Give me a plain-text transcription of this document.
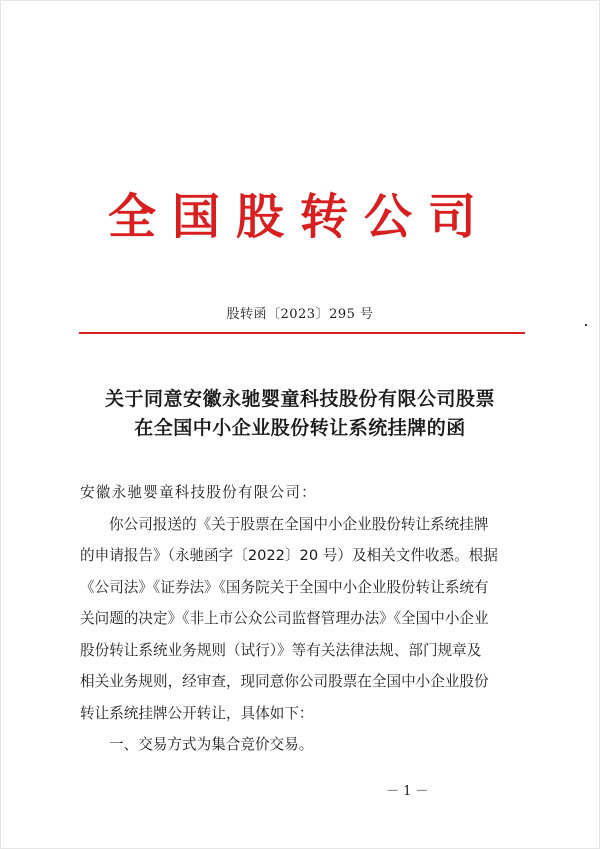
全国股转公司
股转函〔2023〕295 号
关于同意安徽永驰婴童科技股份有限公司股票
在全国中小企业股份转让系统挂牌的函
安徽永驰婴童科技股份有限公司：
你公司报送的《关于股票在全国中小企业股份转让系统挂牌
的申请报告》（永驰函字〔2022〕20 号）及相关文件收悉。根据
《公司法》《证券法》《国务院关于全国中小企业股份转让系统有
关问题的决定》《非上市公众公司监督管理办法》《全国中小企业
股份转让系统业务规则（试行）》等有关法律法规、部门规章及
相关业务规则，经审查，现同意你公司股票在全国中小企业股份
转让系统挂牌公开转让，具体如下：
一、交易方式为集合竞价交易。
－ 1 －
